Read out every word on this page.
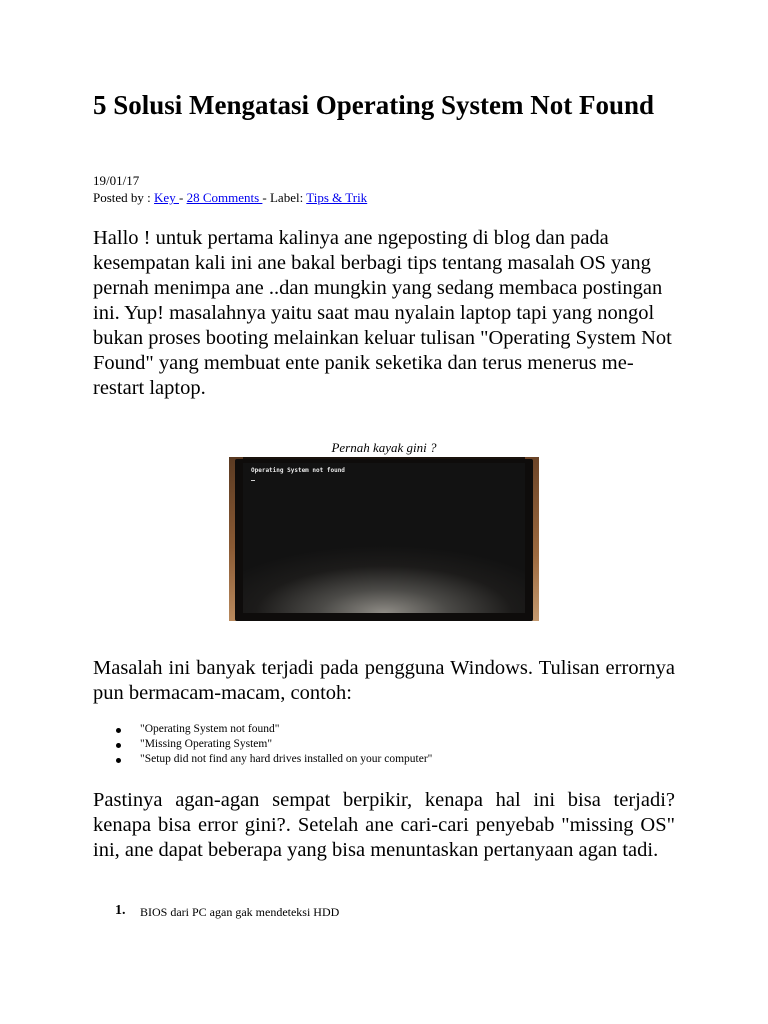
5 Solusi Mengatasi Operating System Not Found
19/01/17
Posted by : Key - 28 Comments - Label: Tips & Trik

Hallo ! untuk pertama kalinya ane ngeposting di blog dan pada kesempatan kali ini ane bakal berbagi tips tentang masalah OS yang pernah menimpa ane ..dan mungkin yang sedang membaca postingan ini. Yup! masalahnya yaitu saat mau nyalain laptop tapi yang nongol bukan proses booting melainkan keluar tulisan "Operating System Not Found" yang membuat ente panik seketika dan terus menerus me-restart laptop.

Pernah kayak gini ?
Operating System not found

Masalah ini banyak terjadi pada pengguna Windows. Tulisan errornya pun bermacam-macam, contoh:

"Operating System not found"
"Missing Operating System"
"Setup did not find any hard drives installed on your computer"

Pastinya agan-agan sempat berpikir, kenapa hal ini bisa terjadi? kenapa bisa error gini?. Setelah ane cari-cari penyebab "missing OS" ini, ane dapat beberapa yang bisa menuntaskan pertanyaan agan tadi.

1. BIOS dari PC agan gak mendeteksi HDD
